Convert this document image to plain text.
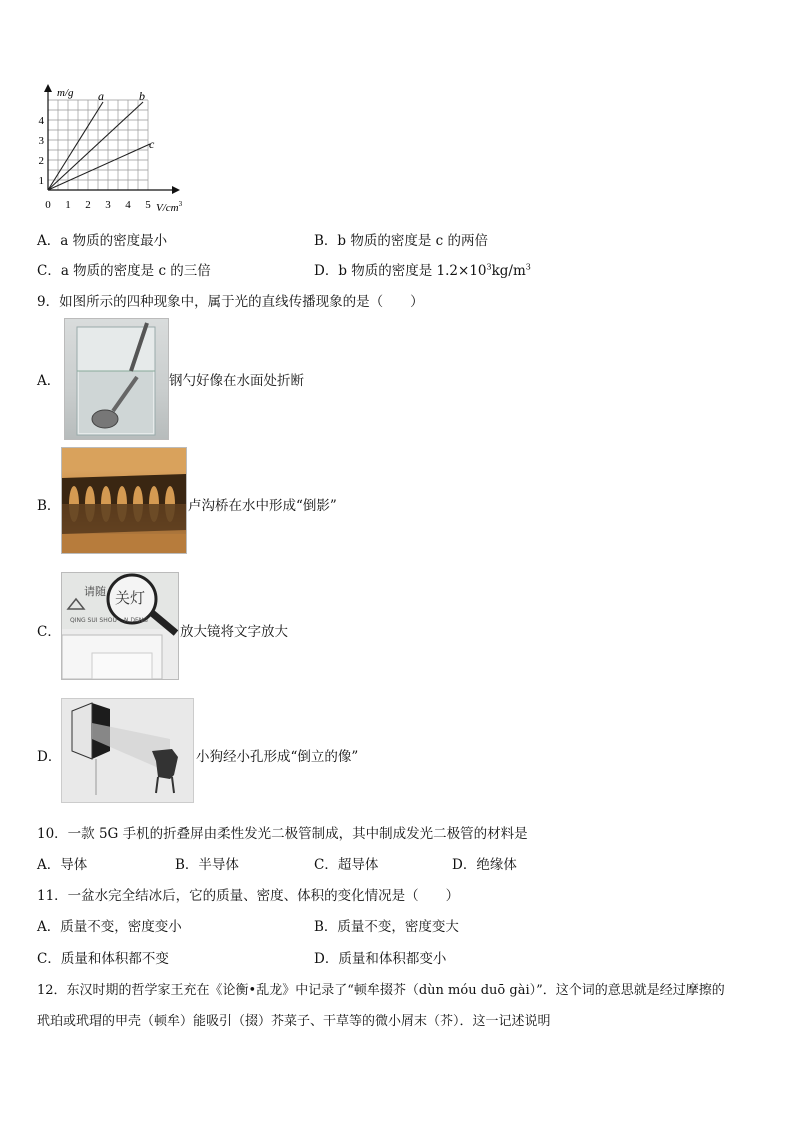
a	b
c
m/g
$V/cm^3$
1
2
3
4
0 1 2 3 4 5
A．a 物质的密度最小	B．b 物质的密度是 c 的两倍
C．a 物质的密度是 c 的三倍	D．b 物质的密度是 $1.2\times 10^3kg/m^3$
9．如图所示的四种现象中，属于光的直线传播现象的是（　　）
A．	钢勺好像在水面处折断
B．	卢沟桥在水中形成“倒影”
C．
请随 关灯
QING SUI SHOU N DENG
放大镜将文字放大
D．	小狗经小孔形成“倒立的像”
10．一款 5G 手机的折叠屏由柔性发光二极管制成，其中制成发光二极管的材料是
A．导体	B．半导体	C．超导体	D．绝缘体
11．一盆水完全结冰后，它的质量、密度、体积的变化情况是（　　）
A．质量不变，密度变小	B．质量不变，密度变大
C．质量和体积都不变	D．质量和体积都变小
12．东汉时期的哲学家王充在《论衡•乱龙》中记录了“顿牟掇芥（dùn móu duō gài）”．这个词的意思就是经过摩擦的
玳珀或玳瑁的甲壳（顿牟）能吸引（掇）芥菜子、干草等的微小屑末（芥）．这一记述说明
